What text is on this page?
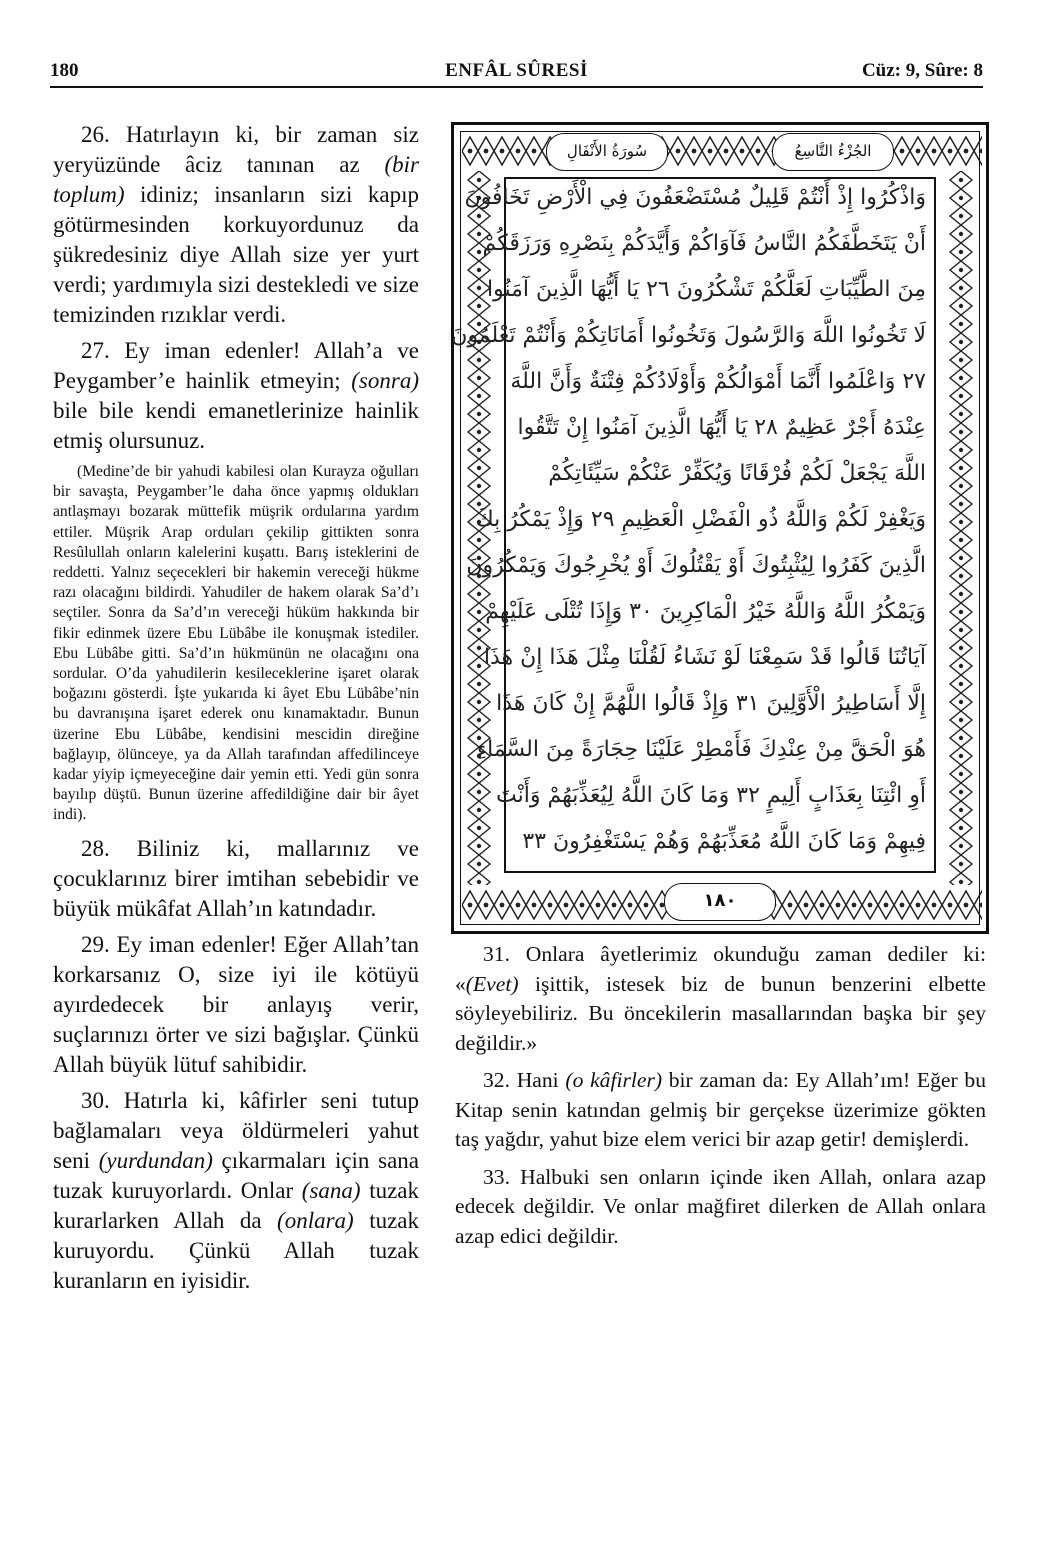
180	ENFÂL SÛRESİ	Cüz: 9, Sûre: 8

26. Hatırlayın ki, bir zaman siz yeryüzünde âciz tanınan az (bir toplum) idiniz; insanların sizi kapıp götürmesinden korkuyordunuz da şükredesiniz diye Allah size yer yurt verdi; yardımıyla sizi destekledi ve size temizinden rızıklar verdi.

27. Ey iman edenler! Allah’a ve Peygamber’e hainlik etmeyin; (sonra) bile bile kendi emanetlerinize hainlik etmiş olursunuz.

(Medine’de bir yahudi kabilesi olan Kurayza oğulları bir savaşta, Peygamber’le daha önce yapmış oldukları antlaşmayı bozarak müttefik müşrik ordularına yardım ettiler. Müşrik Arap orduları çekilip gittikten sonra Resûlullah onların kalelerini kuşattı. Barış isteklerini de reddetti. Yalnız seçecekleri bir hakemin vereceği hükme razı olacağını bildirdi. Yahudiler de hakem olarak Sa’d’ı seçtiler. Sonra da Sa’d’ın vereceği hüküm hakkında bir fikir edinmek üzere Ebu Lübâbe ile konuşmak istediler. Ebu Lübâbe gitti. Sa’d’ın hükmünün ne olacağını ona sordular. O’da yahudilerin kesileceklerine işaret olarak boğazını gösterdi. İşte yukarıda ki âyet Ebu Lübâbe’nin bu davranışına işaret ederek onu kınamaktadır. Bunun üzerine Ebu Lübâbe, kendisini mescidin direğine bağlayıp, ölünceye, ya da Allah tarafından affedilinceye kadar yiyip içmeyeceğine dair yemin etti. Yedi gün sonra bayılıp düştü. Bunun üzerine affedildiğine dair bir âyet indi).

28. Biliniz ki, mallarınız ve çocuklarınız birer imtihan sebebidir ve büyük mükâfat Allah’ın katındadır.

29. Ey iman edenler! Eğer Allah’tan korkarsanız O, size iyi ile kötüyü ayırdedecek bir anlayış verir, suçlarınızı örter ve sizi bağışlar. Çünkü Allah büyük lütuf sahibidir.

30. Hatırla ki, kâfirler seni tutup bağlamaları veya öldürmeleri yahut seni (yurdundan) çıkarmaları için sana tuzak kuruyorlardı. Onlar (sana) tuzak kurarlarken Allah da (onlara) tuzak kuruyordu. Çünkü Allah tuzak kuranların en iyisidir.

سُورَةُ الأَنْفَالِ	الجُزْءُ التَّاسِعُ
وَاذْكُرُوا إِذْ أَنْتُمْ قَلِيلٌ مُسْتَضْعَفُونَ فِي الْأَرْضِ تَخَافُونَ
أَنْ يَتَخَطَّفَكُمُ النَّاسُ فَآوَاكُمْ وَأَيَّدَكُمْ بِنَصْرِهِ وَرَزَقَكُمْ
مِنَ الطَّيِّبَاتِ لَعَلَّكُمْ تَشْكُرُونَ ٢٦ يَا أَيُّهَا الَّذِينَ آمَنُوا
لَا تَخُونُوا اللَّهَ وَالرَّسُولَ وَتَخُونُوا أَمَانَاتِكُمْ وَأَنْتُمْ تَعْلَمُونَ
٢٧ وَاعْلَمُوا أَنَّمَا أَمْوَالُكُمْ وَأَوْلَادُكُمْ فِتْنَةٌ وَأَنَّ اللَّهَ
عِنْدَهُ أَجْرٌ عَظِيمٌ ٢٨ يَا أَيُّهَا الَّذِينَ آمَنُوا إِنْ تَتَّقُوا
اللَّهَ يَجْعَلْ لَكُمْ فُرْقَانًا وَيُكَفِّرْ عَنْكُمْ سَيِّئَاتِكُمْ
وَيَغْفِرْ لَكُمْ وَاللَّهُ ذُو الْفَضْلِ الْعَظِيمِ ٢٩ وَإِذْ يَمْكُرُ بِكَ
الَّذِينَ كَفَرُوا لِيُثْبِتُوكَ أَوْ يَقْتُلُوكَ أَوْ يُخْرِجُوكَ وَيَمْكُرُونَ
وَيَمْكُرُ اللَّهُ وَاللَّهُ خَيْرُ الْمَاكِرِينَ ٣٠ وَإِذَا تُتْلَى عَلَيْهِمْ
آيَاتُنَا قَالُوا قَدْ سَمِعْنَا لَوْ نَشَاءُ لَقُلْنَا مِثْلَ هَذَا إِنْ هَذَا
إِلَّا أَسَاطِيرُ الْأَوَّلِينَ ٣١ وَإِذْ قَالُوا اللَّهُمَّ إِنْ كَانَ هَذَا
هُوَ الْحَقَّ مِنْ عِنْدِكَ فَأَمْطِرْ عَلَيْنَا حِجَارَةً مِنَ السَّمَاءِ
أَوِ ائْتِنَا بِعَذَابٍ أَلِيمٍ ٣٢ وَمَا كَانَ اللَّهُ لِيُعَذِّبَهُمْ وَأَنْتَ
فِيهِمْ وَمَا كَانَ اللَّهُ مُعَذِّبَهُمْ وَهُمْ يَسْتَغْفِرُونَ ٣٣
١٨٠

31. Onlara âyetlerimiz okunduğu zaman dediler ki: «(Evet) işittik, istesek biz de bunun benzerini elbette söyleyebiliriz. Bu öncekilerin masallarından başka bir şey değildir.»

32. Hani (o kâfirler) bir zaman da: Ey Allah’ım! Eğer bu Kitap senin katından gelmiş bir gerçekse üzerimize gökten taş yağdır, yahut bize elem verici bir azap getir! demişlerdi.

33. Halbuki sen onların içinde iken Allah, onlara azap edecek değildir. Ve onlar mağfiret dilerken de Allah onlara azap edici değildir.
